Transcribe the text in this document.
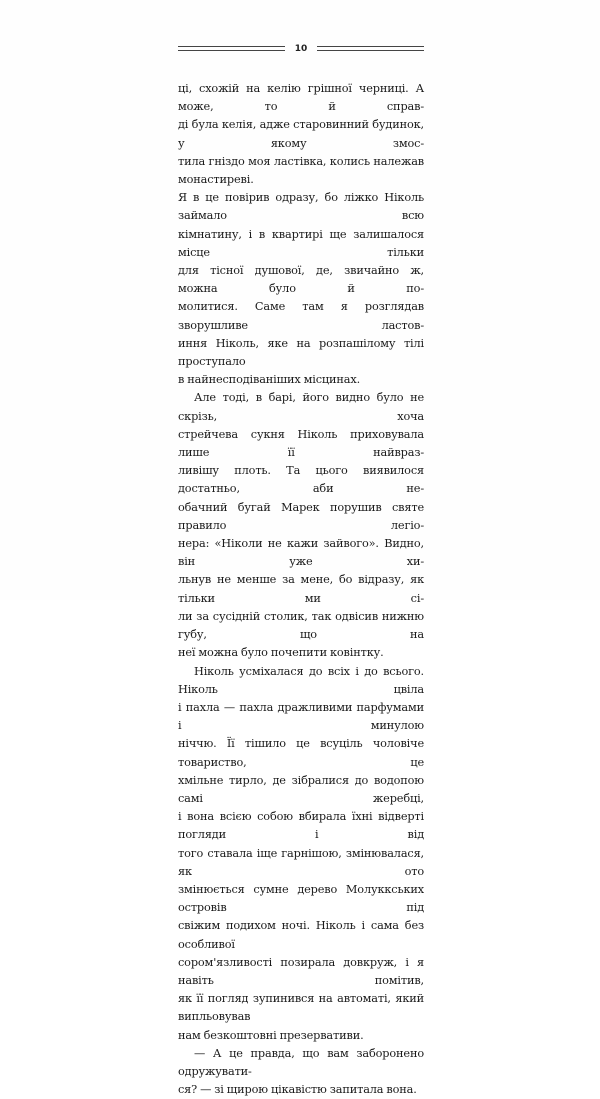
10

ці, схожій на келію грішної черниці. А може, то й справ-
ді була келія, адже старовинний будинок, у якому змос-
тила гніздо моя ластівка, колись належав монастиреві.
Я в це повірив одразу, бо ліжко Ніколь займало всю
кімнатину, і в квартирі ще залишалося місце тільки
для тісної душової, де, звичайно ж, можна було й по-
молитися. Саме там я розглядав зворушливе ластов-
иння Ніколь, яке на розпашілому тілі проступало
в найнесподіваніших місцинах.

Але тоді, в барі, його видно було не скрізь, хоча
стрейчева сукня Ніколь приховувала лише її найвраз-
ливішу плоть. Та цього виявилося достатньо, аби не-
обачний бугай Марек порушив святе правило легіо-
нера: «Ніколи не кажи зайвого». Видно, він уже хи-
льнув не менше за мене, бо відразу, як тільки ми сі-
ли за сусідній столик, так одвісив нижню губу, що на
неї можна було почепити ковінтку.

Ніколь усміхалася до всіх і до всього. Ніколь цвіла
і пахла — пахла дражливими парфумами і минулою
ніччю. Її тішило це всуціль чоловіче товариство, це
хмільне тирло, де зібралися до водопою самі жеребці,
і вона всією собою вбирала їхні відверті погляди і від
того ставала іще гарнішою, змінювалася, як ото
змінюється сумне дерево Молуккських островів під
свіжим подихом ночі. Ніколь і сама без особливої
сором'язливості позирала довкруж, і я навіть помітив,
як її погляд зупинився на автоматі, який випльовував
нам безкоштовні презервативи.

— А це правда, що вам заборонено одружувати-
ся? — зі щирою цікавістю запитала вона.
